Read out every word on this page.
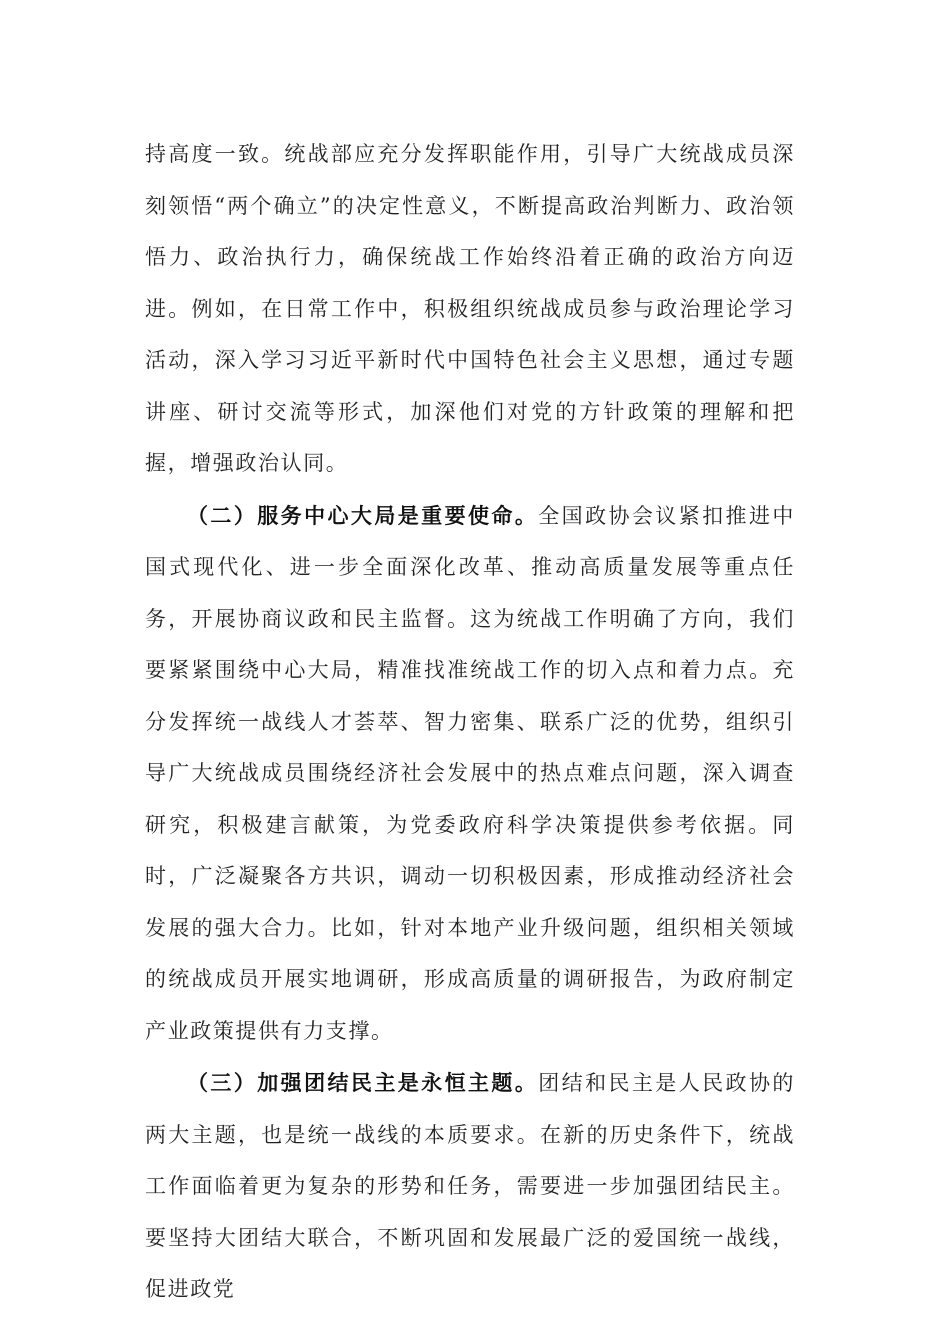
持高度一致。统战部应充分发挥职能作用，引导广大统战成员深刻领悟“两个确立”的决定性意义，不断提高政治判断力、政治领悟力、政治执行力，确保统战工作始终沿着正确的政治方向迈进。例如，在日常工作中，积极组织统战成员参与政治理论学习活动，深入学习习近平新时代中国特色社会主义思想，通过专题讲座、研讨交流等形式，加深他们对党的方针政策的理解和把握，增强政治认同。

（二）服务中心大局是重要使命。全国政协会议紧扣推进中国式现代化、进一步全面深化改革、推动高质量发展等重点任务，开展协商议政和民主监督。这为统战工作明确了方向，我们要紧紧围绕中心大局，精准找准统战工作的切入点和着力点。充分发挥统一战线人才荟萃、智力密集、联系广泛的优势，组织引导广大统战成员围绕经济社会发展中的热点难点问题，深入调查研究，积极建言献策，为党委政府科学决策提供参考依据。同时，广泛凝聚各方共识，调动一切积极因素，形成推动经济社会发展的强大合力。比如，针对本地产业升级问题，组织相关领域的统战成员开展实地调研，形成高质量的调研报告，为政府制定产业政策提供有力支撑。

（三）加强团结民主是永恒主题。团结和民主是人民政协的两大主题，也是统一战线的本质要求。在新的历史条件下，统战工作面临着更为复杂的形势和任务，需要进一步加强团结民主。要坚持大团结大联合，不断巩固和发展最广泛的爱国统一战线，促进政党
